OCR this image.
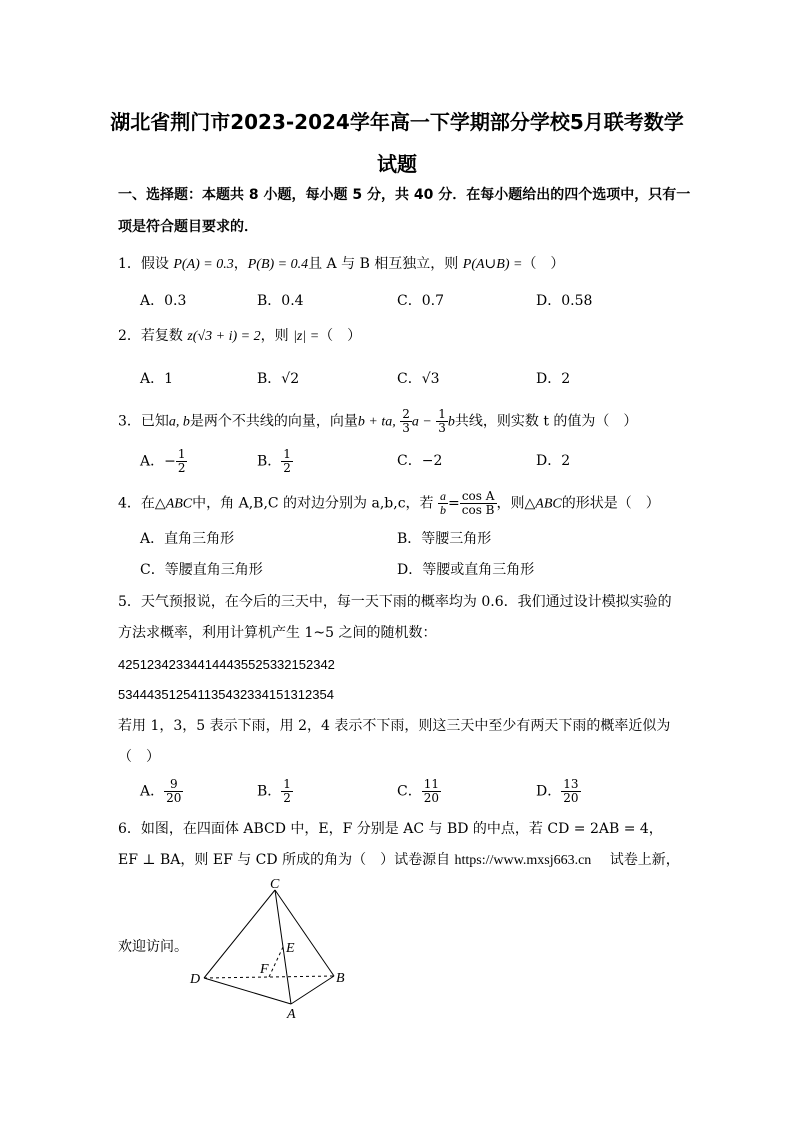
湖北省荆门市2023-2024学年高一下学期部分学校5月联考数学
试题
一、选择题：本题共 8 小题，每小题 5 分，共 40 分．在每小题给出的四个选项中，只有一
项是符合题目要求的．
1．假设 P(A) = 0.3，P(B) = 0.4且 A 与 B 相互独立，则 P(A∪B) =（　）
A．0.3	B．0.4	C．0.7	D．0.58
2．若复数 z(√3 + i) = 2，则 |z| =（　）
A．1	B．√2	C．√3	D．2
3．已知a, b是两个不共线的向量，向量b + ta, $\frac{2}{3}$ $a - \frac{1}{3}$ b共线，则实数 t 的值为（　）
A．− $\frac{1}{2}$	B． $\frac{1}{2}$	C．−2	D．2
4．在△ABC中，角 A,B,C 的对边分别为 a,b,c，若 $\frac{a}{b} = \frac{\text{cos A}}{\text{cos B}}$ ，则△ABC的形状是（　）
A．直角三角形	B．等腰三角形
C．等腰直角三角形	D．等腰或直角三角形
5．天气预报说，在今后的三天中，每一天下雨的概率均为 0.6．我们通过设计模拟实验的
方法求概率，利用计算机产生 1~5 之间的随机数：
4251234233441444355253321523​42
534443512541135432334151312354
若用 1，3，5 表示下雨，用 2，4 表示不下雨，则这三天中至少有两天下雨的概率近似为
（　）
A． $\frac{9}{20}$	B． $\frac{1}{2}$	C． $\frac{11}{20}$	D． $\frac{13}{20}$
6．如图，在四面体 ABCD 中，E，F 分别是 AC 与 BD 的中点，若 CD = 2AB = 4，
EF ⊥ BA，则 EF 与 CD 所成的角为（　）试卷源自 https://www.mxsj663.cn 试卷上新，
欢迎访问。
C
E
F
D	B
A
